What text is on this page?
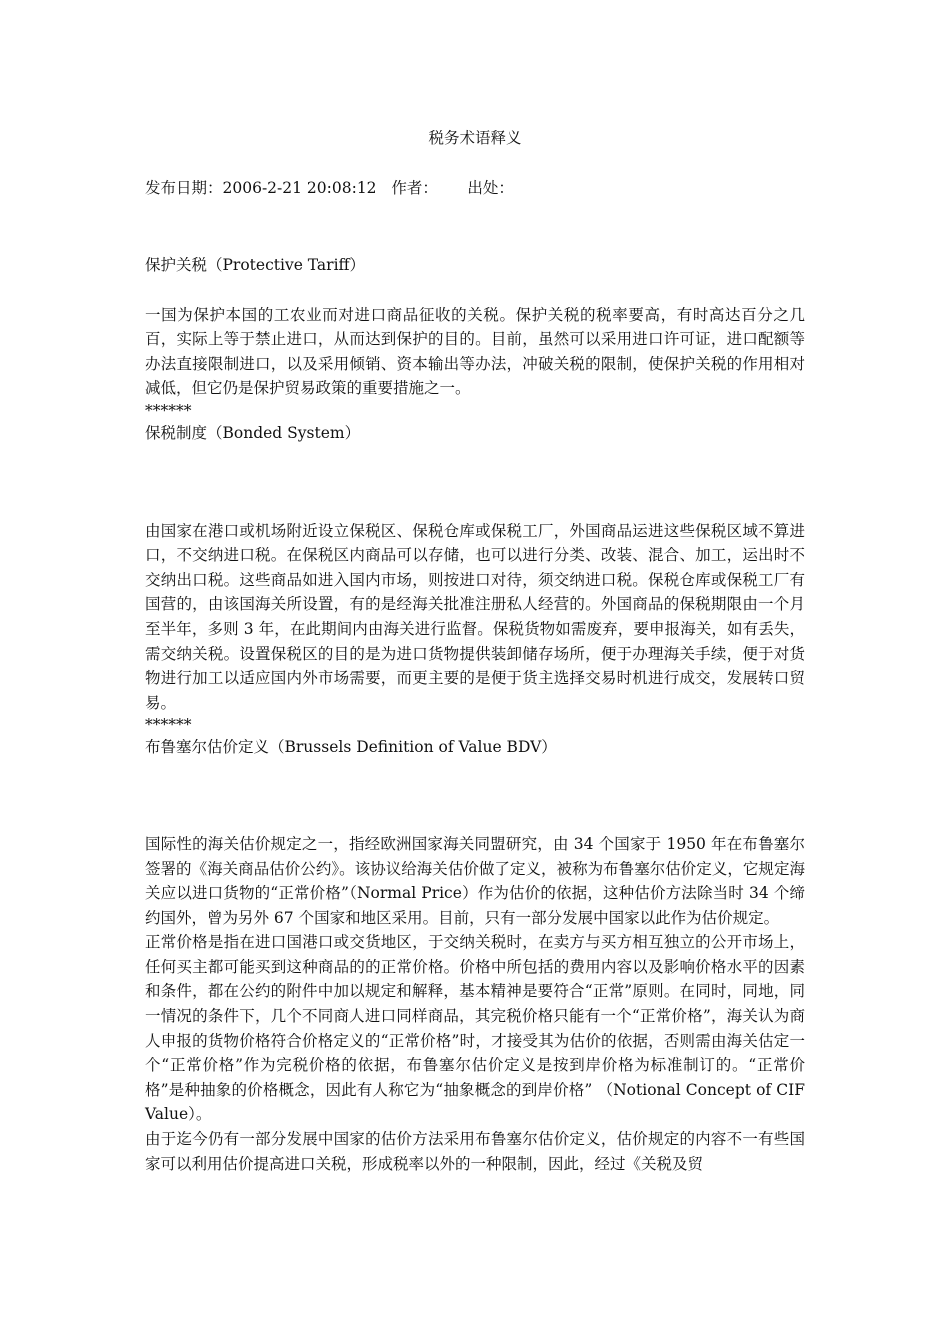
税务术语释义

发布日期：2006-2-21 20:08:12   作者：      出处：
保护关税（Protective Tariff）
一国为保护本国的工农业而对进口商品征收的关税。保护关税的税率要高，有时高达百分之几百，实际上等于禁止进口，从而达到保护的目的。目前，虽然可以采用进口许可证，进口配额等办法直接限制进口，以及采用倾销、资本输出等办法，冲破关税的限制，使保护关税的作用相对减低，但它仍是保护贸易政策的重要措施之一。
******
保税制度（Bonded System）
由国家在港口或机场附近设立保税区、保税仓库或保税工厂，外国商品运进这些保税区域不算进口，不交纳进口税。在保税区内商品可以存储，也可以进行分类、改装、混合、加工，运出时不交纳出口税。这些商品如进入国内市场，则按进口对待，须交纳进口税。保税仓库或保税工厂有国营的，由该国海关所设置，有的是经海关批准注册私人经营的。外国商品的保税期限由一个月至半年，多则 3 年，在此期间内由海关进行监督。保税货物如需废弃，要申报海关，如有丢失，需交纳关税。设置保税区的目的是为进口货物提供装卸储存场所，便于办理海关手续，便于对货物进行加工以适应国内外市场需要，而更主要的是便于货主选择交易时机进行成交，发展转口贸易。
******
布鲁塞尔估价定义（Brussels Definition of Value BDV）
国际性的海关估价规定之一，指经欧洲国家海关同盟研究，由 34 个国家于 1950 年在布鲁塞尔签署的《海关商品估价公约》。该协议给海关估价做了定义，被称为布鲁塞尔估价定义，它规定海关应以进口货物的“正常价格”（Normal Price）作为估价的依据，这种估价方法除当时 34 个缔约国外，曾为另外 67 个国家和地区采用。目前，只有一部分发展中国家以此作为估价规定。
正常价格是指在进口国港口或交货地区，于交纳关税时，在卖方与买方相互独立的公开市场上，任何买主都可能买到这种商品的的正常价格。价格中所包括的费用内容以及影响价格水平的因素和条件，都在公约的附件中加以规定和解释，基本精神是要符合“正常”原则。在同时，同地，同一情况的条件下，几个不同商人进口同样商品，其完税价格只能有一个“正常价格”，海关认为商人申报的货物价格符合价格定义的“正常价格”时，才接受其为估价的依据，否则需由海关估定一个“正常价格”作为完税价格的依据，布鲁塞尔估价定义是按到岸价格为标准制订的。“正常价格”是种抽象的价格概念，因此有人称它为“抽象概念的到岸价格” （Notional Concept of CIF Value）。
由于迄今仍有一部分发展中国家的估价方法采用布鲁塞尔估价定义，估价规定的内容不一有些国家可以利用估价提高进口关税，形成税率以外的一种限制，因此，经过《关税及贸
